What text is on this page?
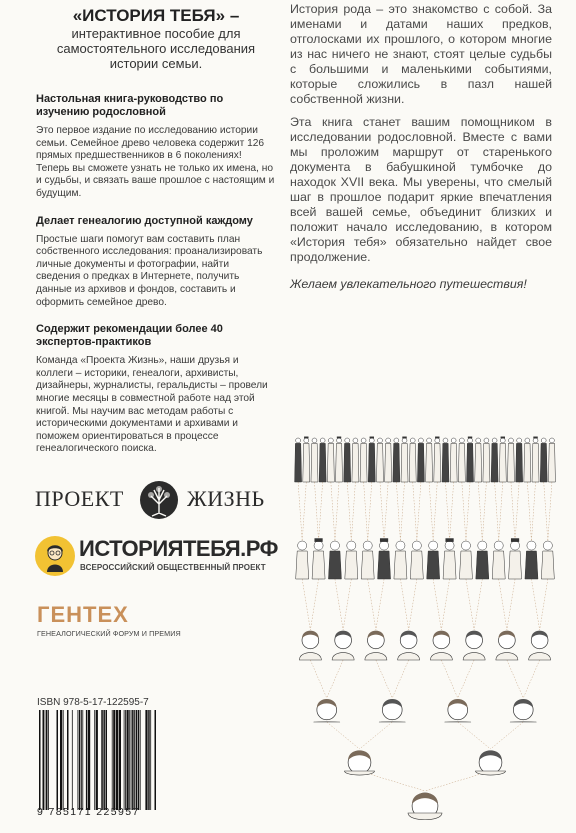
«ИСТОРИЯ ТЕБЯ» –

интерактивное пособие для самостоятельного исследования истории семьи.

Настольная книга-руководство по изучению родословной

Это первое издание по исследованию истории семьи. Семейное древо человека содержит 126 прямых предшественников в 6 поколениях! Теперь вы сможете узнать не только их имена, но и судьбы, и связать ваше прошлое с настоящим и будущим.

Делает генеалогию доступной каждому

Простые шаги помогут вам составить план собственного исследования: проанализировать личные документы и фотографии, найти сведения о предках в Интернете, получить данные из архивов и фондов, составить и оформить семейное древо.

Содержит рекомендации более 40 экспертов-практиков

Команда «Проекта Жизнь», наши друзья и коллеги – историки, генеалоги, архивисты, дизайнеры, журналисты, геральдисты – провели многие месяцы в совместной работе над этой книгой. Мы научим вас методам работы с историческими документами и архивами и поможем ориентироваться в процессе генеалогического поиска.

ПРОЕКТ	ЖИЗНЬ
ИСТОРИЯТЕБЯ.РФ
ВСЕРОССИЙСКИЙ ОБЩЕСТВЕННЫЙ ПРОЕКТ
ГЕНТЕХ
ГЕНЕАЛОГИЧЕСКИЙ ФОРУМ И ПРЕМИЯ
ISBN 978-5-17-122595-7
9 785171 225957

История рода – это знакомство с собой. За именами и датами наших предков, отголосками их прошлого, о котором многие из нас ничего не знают, стоят целые судьбы с большими и маленькими событиями, которые сложились в пазл нашей собственной жизни.

Эта книга станет вашим помощником в исследовании родословной. Вместе с вами мы проложим маршрут от старенького документа в бабушкиной тумбочке до находок XVII века. Мы уверены, что смелый шаг в прошлое подарит яркие впечатления всей вашей семье, объединит близких и положит начало исследованию, в котором «История тебя» обязательно найдет свое продолжение.

Желаем увлекательного путешествия!
